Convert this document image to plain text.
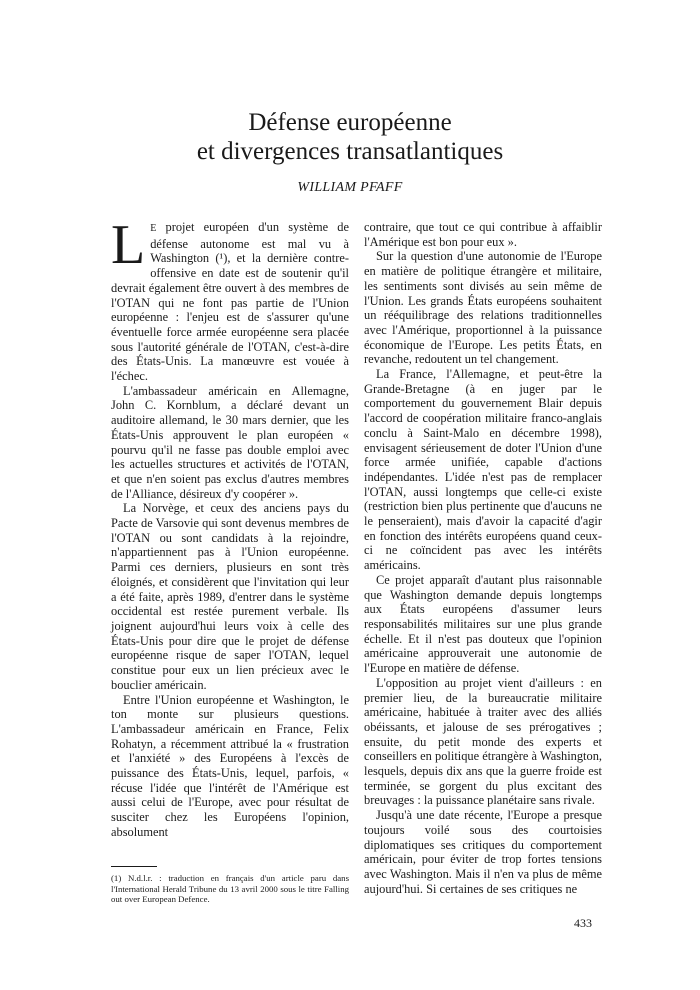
Défense européenne
et divergences transatlantiques

WILLIAM PFAFF

L E projet européen d'un système de défense autonome est mal vu à Washington (¹), et la dernière contre-offensive en date est de soutenir qu'il devrait également être ouvert à des membres de l'OTAN qui ne font pas partie de l'Union européenne : l'enjeu est de s'assurer qu'une éventuelle force armée européenne sera placée sous l'autorité générale de l'OTAN, c'est-à-dire des États-Unis. La manœuvre est vouée à l'échec.

L'ambassadeur américain en Allemagne, John C. Kornblum, a déclaré devant un auditoire allemand, le 30 mars dernier, que les États-Unis approuvent le plan européen « pourvu qu'il ne fasse pas double emploi avec les actuelles structures et activités de l'OTAN, et que n'en soient pas exclus d'autres membres de l'Alliance, désireux d'y coopérer ».

La Norvège, et ceux des anciens pays du Pacte de Varsovie qui sont devenus membres de l'OTAN ou sont candidats à la rejoindre, n'appartiennent pas à l'Union européenne. Parmi ces derniers, plusieurs en sont très éloignés, et considèrent que l'invitation qui leur a été faite, après 1989, d'entrer dans le système occidental est restée purement verbale. Ils joignent aujourd'hui leurs voix à celle des États-Unis pour dire que le projet de défense européenne risque de saper l'OTAN, lequel constitue pour eux un lien précieux avec le bouclier américain.

Entre l'Union européenne et Washington, le ton monte sur plusieurs questions. L'ambassadeur américain en France, Felix Rohatyn, a récemment attribué la « frustration et l'anxiété » des Européens à l'excès de puissance des États-Unis, lequel, parfois, « récuse l'idée que l'intérêt de l'Amérique est aussi celui de l'Europe, avec pour résultat de susciter chez les Européens l'opinion, absolument

contraire, que tout ce qui contribue à affaiblir l'Amérique est bon pour eux ».

Sur la question d'une autonomie de l'Europe en matière de politique étrangère et militaire, les sentiments sont divisés au sein même de l'Union. Les grands États européens souhaitent un rééquilibrage des relations traditionnelles avec l'Amérique, proportionnel à la puissance économique de l'Europe. Les petits États, en revanche, redoutent un tel changement.

La France, l'Allemagne, et peut-être la Grande-Bretagne (à en juger par le comportement du gouvernement Blair depuis l'accord de coopération militaire franco-anglais conclu à Saint-Malo en décembre 1998), envisagent sérieusement de doter l'Union d'une force armée unifiée, capable d'actions indépendantes. L'idée n'est pas de remplacer l'OTAN, aussi longtemps que celle-ci existe (restriction bien plus pertinente que d'aucuns ne le penseraient), mais d'avoir la capacité d'agir en fonction des intérêts européens quand ceux-ci ne coïncident pas avec les intérêts américains.

Ce projet apparaît d'autant plus raisonnable que Washington demande depuis longtemps aux États européens d'assumer leurs responsabilités militaires sur une plus grande échelle. Et il n'est pas douteux que l'opinion américaine approuverait une autonomie de l'Europe en matière de défense.

L'opposition au projet vient d'ailleurs : en premier lieu, de la bureaucratie militaire américaine, habituée à traiter avec des alliés obéissants, et jalouse de ses prérogatives ; ensuite, du petit monde des experts et conseillers en politique étrangère à Washington, lesquels, depuis dix ans que la guerre froide est terminée, se gorgent du plus excitant des breuvages : la puissance planétaire sans rivale.

Jusqu'à une date récente, l'Europe a presque toujours voilé sous des courtoisies diplomatiques ses critiques du comportement américain, pour éviter de trop fortes tensions avec Washington. Mais il n'en va plus de même aujourd'hui. Si certaines de ses critiques ne

(1) N.d.l.r. : traduction en français d'un article paru dans l'International Herald Tribune du 13 avril 2000 sous le titre Falling out over European Defence.

433
